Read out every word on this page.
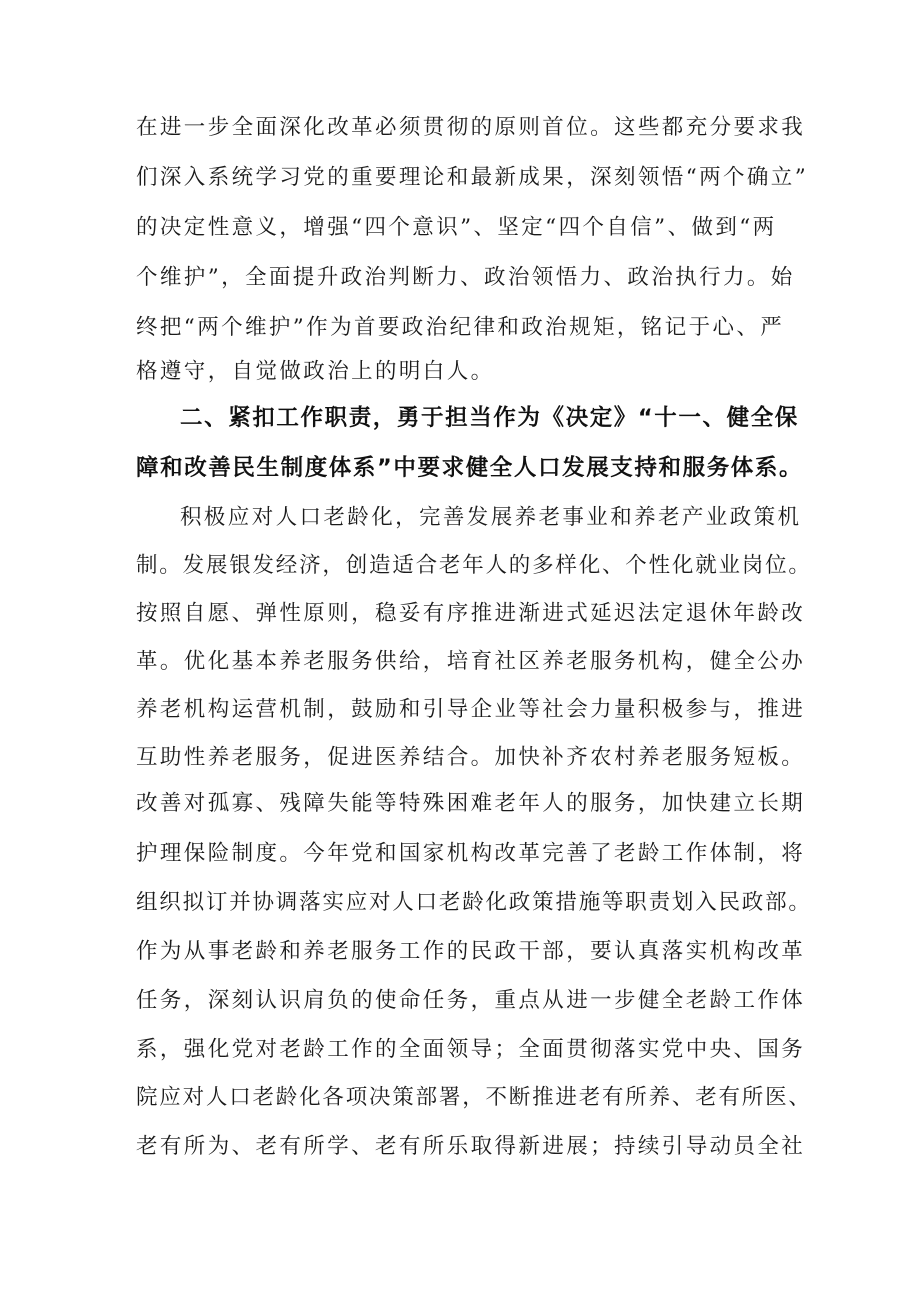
在进一步全面深化改革必须贯彻的原则首位。这些都充分要求我
们深入系统学习党的重要理论和最新成果，深刻领悟“两个确立”
的决定性意义，增强“四个意识”、坚定“四个自信”、做到“两
个维护”，全面提升政治判断力、政治领悟力、政治执行力。始
终把“两个维护”作为首要政治纪律和政治规矩，铭记于心、严
格遵守，自觉做政治上的明白人。
二、紧扣工作职责，勇于担当作为《决定》“十一、健全保
障和改善民生制度体系”中要求健全人口发展支持和服务体系。
积极应对人口老龄化，完善发展养老事业和养老产业政策机
制。发展银发经济，创造适合老年人的多样化、个性化就业岗位。
按照自愿、弹性原则，稳妥有序推进渐进式延迟法定退休年龄改
革。优化基本养老服务供给，培育社区养老服务机构，健全公办
养老机构运营机制，鼓励和引导企业等社会力量积极参与，推进
互助性养老服务，促进医养结合。加快补齐农村养老服务短板。
改善对孤寡、残障失能等特殊困难老年人的服务，加快建立长期
护理保险制度。今年党和国家机构改革完善了老龄工作体制，将
组织拟订并协调落实应对人口老龄化政策措施等职责划入民政部。
作为从事老龄和养老服务工作的民政干部，要认真落实机构改革
任务，深刻认识肩负的使命任务，重点从进一步健全老龄工作体
系，强化党对老龄工作的全面领导；全面贯彻落实党中央、国务
院应对人口老龄化各项决策部署，不断推进老有所养、老有所医、
老有所为、老有所学、老有所乐取得新进展；持续引导动员全社
